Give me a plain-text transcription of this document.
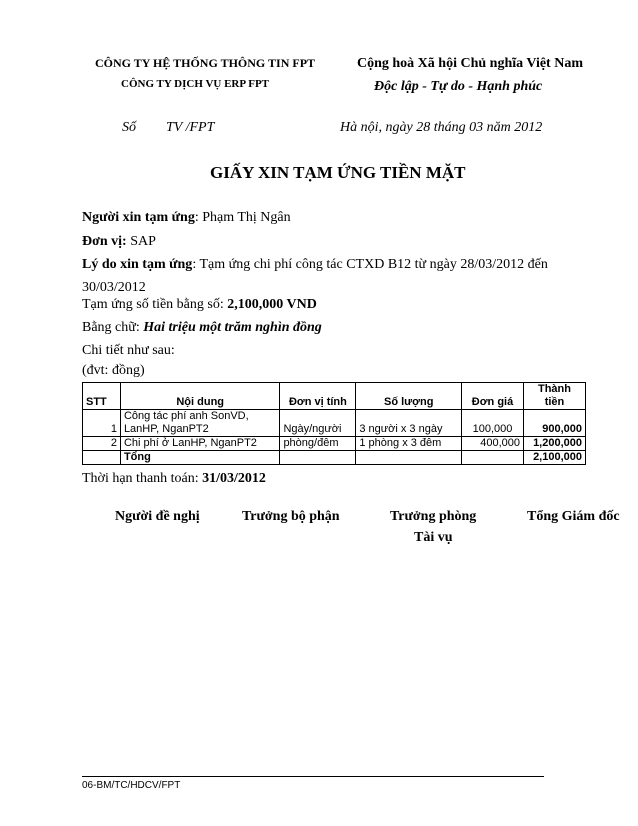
CÔNG TY HỆ THỐNG THÔNG TIN FPT
CÔNG TY DỊCH VỤ ERP FPT
Cộng hoà Xã hội Chủ nghĩa Việt Nam
Độc lập - Tự do - Hạnh phúc
Số TV /FPT	Hà nội, ngày 28 tháng 03 năm 2012
GIẤY XIN TẠM ỨNG TIỀN MẶT
Người xin tạm ứng: Phạm Thị Ngân
Đơn vị: SAP
Lý do xin tạm ứng: Tạm ứng chi phí công tác CTXD B12 từ ngày 28/03/2012 đến
30/03/2012
Tạm ứng số tiền bằng số: 2,100,000 VND
Bằng chữ: Hai triệu một trăm nghìn đồng
Chi tiết như sau:
(đvt: đồng)
STT	Nội dung	Đơn vị tính	Số lượng	Đơn giá	Thành tiền
1	Công tác phí anh SonVD,
LanHP, NganPT2	Ngày/người	3 người x 3 ngày	100,000	900,000
2	Chi phí ở LanHP, NganPT2	phòng/đêm	1 phòng x 3 đêm	400,000	1,200,000
	Tổng				2,100,000
Thời hạn thanh toán: 31/03/2012
Người đề nghị	Trưởng bộ phận	Trưởng phòng
Tài vụ
Tổng Giám đốc
06-BM/TC/HDCV/FPT
